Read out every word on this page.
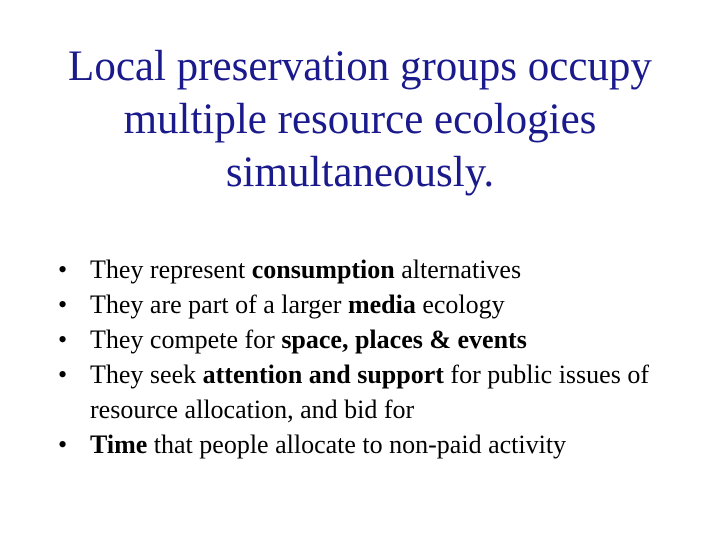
Local preservation groups occupy
multiple resource ecologies
simultaneously.
• They represent consumption alternatives
• They are part of a larger media ecology
• They compete for space, places & events
• They seek attention and support for public issues of resource allocation, and bid for
• Time that people allocate to non-paid activity
